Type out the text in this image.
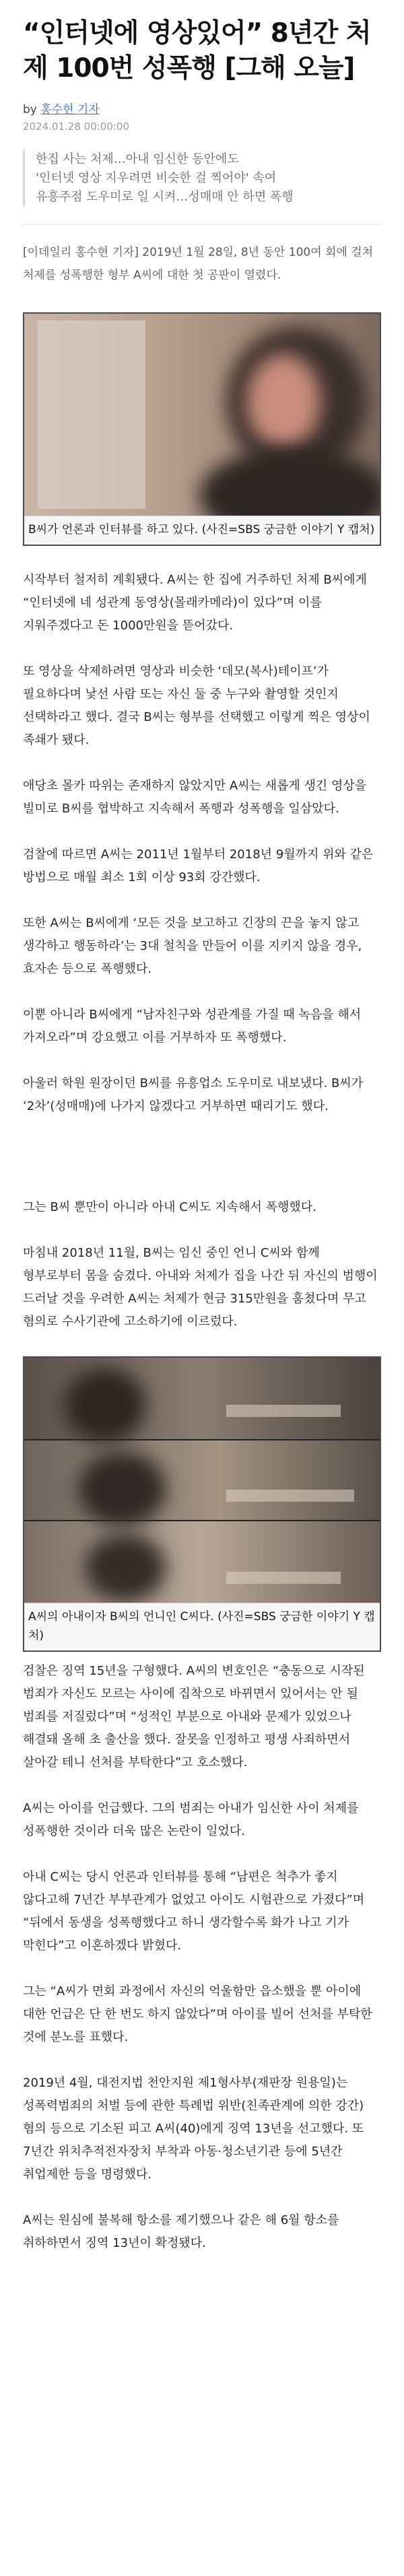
“인터넷에 영상있어” 8년간 처제 100번 성폭행 [그해 오늘]
by 홍수현 기자
2024.01.28 00:00:00
한집 사는 처제…아내 임신한 동안에도
'인터넷 영상 지우려면 비슷한 걸 찍어야' 속여
유흥주점 도우미로 일 시켜…성매매 안 하면 폭행

[이데일리 홍수현 기자] 2019년 1월 28일, 8년 동안 100여 회에 걸쳐 처제를 성폭행한 형부 A씨에 대한 첫 공판이 열렸다.

B씨가 언론과 인터뷰를 하고 있다. (사진=SBS 궁금한 이야기 Y 캡처)

시작부터 철저히 계획됐다. A씨는 한 집에 거주하던 처제 B씨에게 “인터넷에 네 성관계 동영상(몰래카메라)이 있다”며 이를 지워주겠다고 돈 1000만원을 뜯어갔다.

또 영상을 삭제하려면 영상과 비슷한 ‘데모(복사)테이프’가 필요하다며 낯선 사람 또는 자신 둘 중 누구와 촬영할 것인지 선택하라고 했다. 결국 B씨는 형부를 선택했고 이렇게 찍은 영상이 족쇄가 됐다.

애당초 몰카 따위는 존재하지 않았지만 A씨는 새롭게 생긴 영상을 빌미로 B씨를 협박하고 지속해서 폭행과 성폭행을 일삼았다.

검찰에 따르면 A씨는 2011년 1월부터 2018년 9월까지 위와 같은 방법으로 매월 최소 1회 이상 93회 강간했다.

또한 A씨는 B씨에게 ‘모든 것을 보고하고 긴장의 끈을 놓지 않고 생각하고 행동하라’는 3대 철칙을 만들어 이를 지키지 않을 경우, 효자손 등으로 폭행했다.

이뿐 아니라 B씨에게 “남자친구와 성관계를 가질 때 녹음을 해서 가져오라”며 강요했고 이를 거부하자 또 폭행했다.

아울러 학원 원장이던 B씨를 유흥업소 도우미로 내보냈다. B씨가 ‘2차’(성매매)에 나가지 않겠다고 거부하면 때리기도 했다.

그는 B씨 뿐만이 아니라 아내 C씨도 지속해서 폭행했다.

마침내 2018년 11월, B씨는 임신 중인 언니 C씨와 함께 형부로부터 몸을 숨겼다. 아내와 처제가 집을 나간 뒤 자신의 범행이 드러날 것을 우려한 A씨는 처제가 현금 315만원을 훔쳤다며 무고 혐의로 수사기관에 고소하기에 이르렀다.

A씨의 아내이자 B씨의 언니인 C씨다. (사진=SBS 궁금한 이야기 Y 캡처)

검찰은 징역 15년을 구형했다. A씨의 변호인은 “충동으로 시작된 범죄가 자신도 모르는 사이에 집착으로 바뀌면서 있어서는 안 될 범죄를 저질렀다”며 “성적인 부분으로 아내와 문제가 있었으나 해결돼 올해 초 출산을 했다. 잘못을 인정하고 평생 사죄하면서 살아갈 테니 선처를 부탁한다”고 호소했다.

A씨는 아이를 언급했다. 그의 범죄는 아내가 임신한 사이 처제를 성폭행한 것이라 더욱 많은 논란이 일었다.

아내 C씨는 당시 언론과 인터뷰를 통해 “남편은 척추가 좋지 않다고해 7년간 부부관계가 없었고 아이도 시험관으로 가졌다”며 “뒤에서 동생을 성폭행했다고 하니 생각할수록 화가 나고 기가 막힌다”고 이혼하겠다 밝혔다.

그는 “A씨가 면회 과정에서 자신의 억울함만 읍소했을 뿐 아이에 대한 언급은 단 한 번도 하지 않았다”며 아이를 빌어 선처를 부탁한 것에 분노를 표했다.

2019년 4월, 대전지법 천안지원 제1형사부(재판장 원용일)는 성폭력범죄의 처벌 등에 관한 특례법 위반(친족관계에 의한 강간) 혐의 등으로 기소된 피고 A씨(40)에게 징역 13년을 선고했다. 또 7년간 위치추적전자장치 부착과 아동·청소년기관 등에 5년간 취업제한 등을 명령했다.

A씨는 원심에 불복해 항소를 제기했으나 같은 해 6월 항소를 취하하면서 징역 13년이 확정됐다.
